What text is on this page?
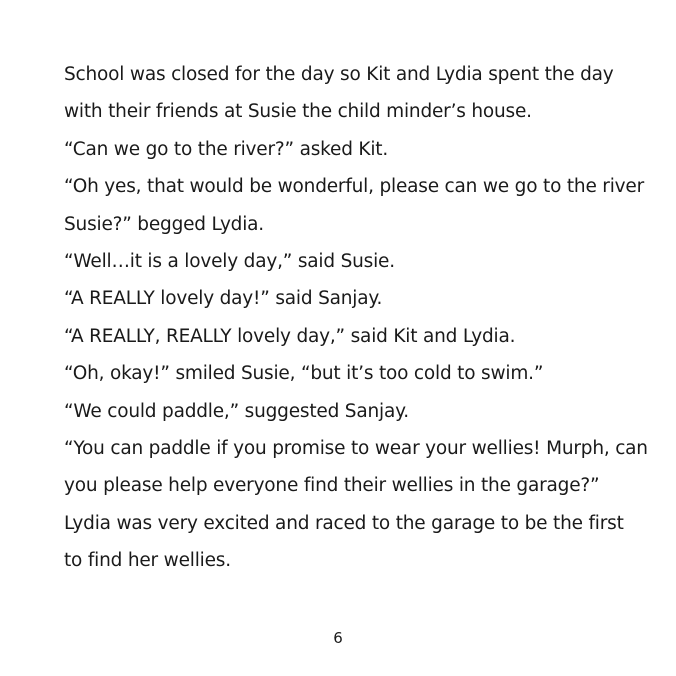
School was closed for the day so Kit and Lydia spent the day
with their friends at Susie the child minder’s house.
“Can we go to the river?” asked Kit.
“Oh yes, that would be wonderful, please can we go to the river
Susie?” begged Lydia.
“Well…it is a lovely day,” said Susie.
“A REALLY lovely day!” said Sanjay.
“A REALLY, REALLY lovely day,” said Kit and Lydia.
“Oh, okay!” smiled Susie, “but it’s too cold to swim.”
“We could paddle,” suggested Sanjay.
“You can paddle if you promise to wear your wellies! Murph, can
you please help everyone find their wellies in the garage?”
Lydia was very excited and raced to the garage to be the first
to find her wellies.
6
